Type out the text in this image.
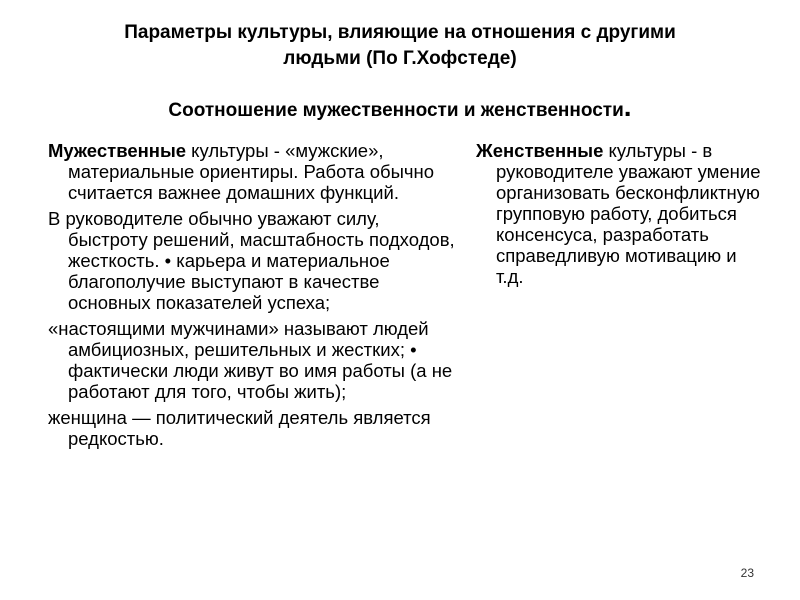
Параметры культуры, влияющие на отношения с другими
людьми (По Г.Хофстеде)
Соотношение мужественности и женственности.

Мужественные культуры - «мужские», материальные ориентиры. Работа обычно считается важнее домашних функций.

В руководителе обычно уважают силу, быстроту решений, масштабность подходов, жесткость. • карьера и материальное благополучие выступают в качестве основных показателей успеха;

«настоящими мужчинами» называют людей амбициозных, решительных и жестких; • фактически люди живут во имя работы (а не работают для того, чтобы жить);

женщина — политический деятель является редкостью.

Женственные культуры - в руководителе уважают умение организовать бесконфликтную групповую работу, добиться консенсуса, разработать справедливую мотивацию и т.д.

23
